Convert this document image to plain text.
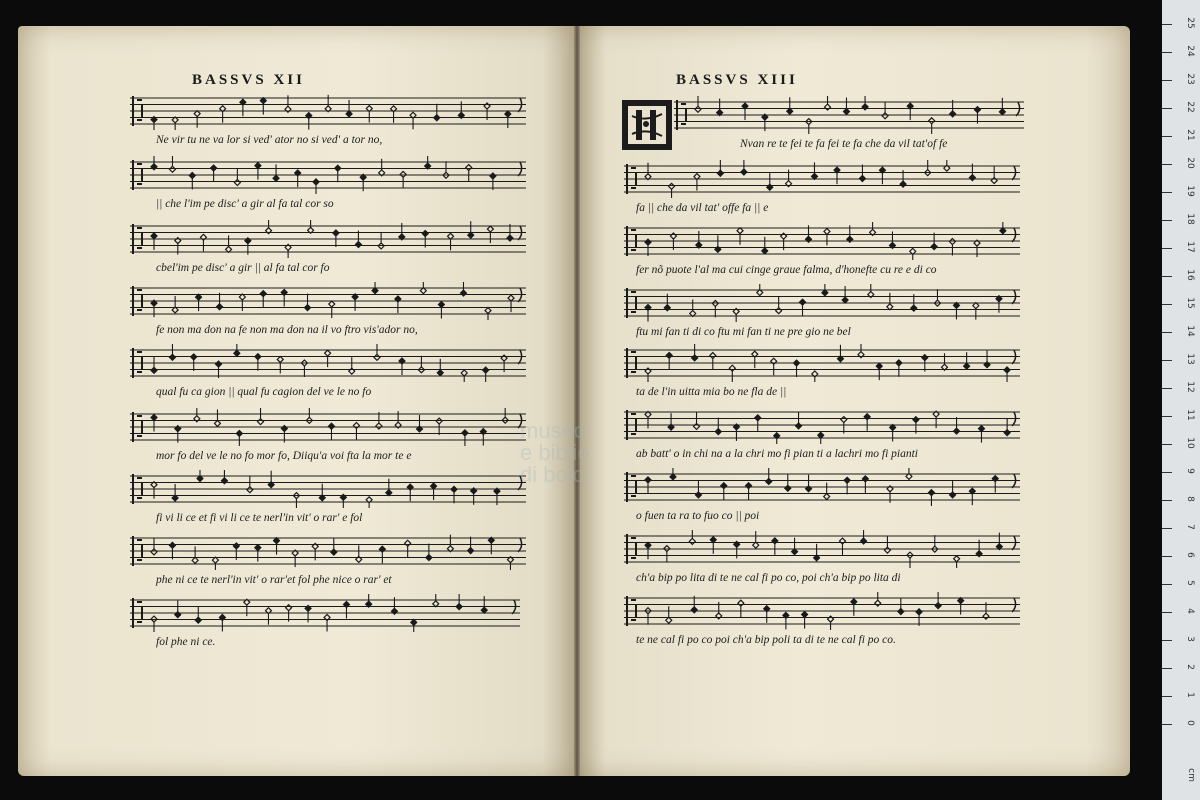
BASSVS XII
Ne vir tu ne va lor si ved' ator no si ved' a tor no,
|| che l'im pe disc' a gir al fa tal cor so
cbel'im pe disc' a gir || al fa tal cor fo
fe non ma don na fe non ma don na il vo ftro vis'ador no,
qual fu ca gion || qual fu cagion del ve le no fo
mor fo del ve le no fo mor fo, Diiqu'a voi fta la mor te e
fi vi li ce et fi vi li ce te nerl'in vit' o rar' e fol
phe ni ce te nerl'in vit' o rar'et fol phe nice o rar' et
fol phe ni ce.
BASSVS XIII
Nvan re te fei te fa fei te fa che da vil tat'of fe
fa || che da vil tat' offe fa || e
fer nõ puote l'al ma cui cinge graue falma, d'honefte cu re e di co
ftu mi fan ti di co ftu mi fan ti ne pre gio ne bel
ta de l'in uitta mia bo ne fla de ||
ab batt' o in chi na a la chri mo fi pian ti a lachri mo fi pianti
o fuen ta ra to fuo co || poi
ch'a bip po lita di te ne cal fi po co, poi ch'a bip po lita di
te ne cal fi po co poi ch'a bip poli ta di te ne cal fi po co.
museo
e biblio
di bolo
25
24
23
22
21
20
19
18
17
16
15
14
13
12
11
10
9
8
7
6
5
4
3
2
1
0
cm
